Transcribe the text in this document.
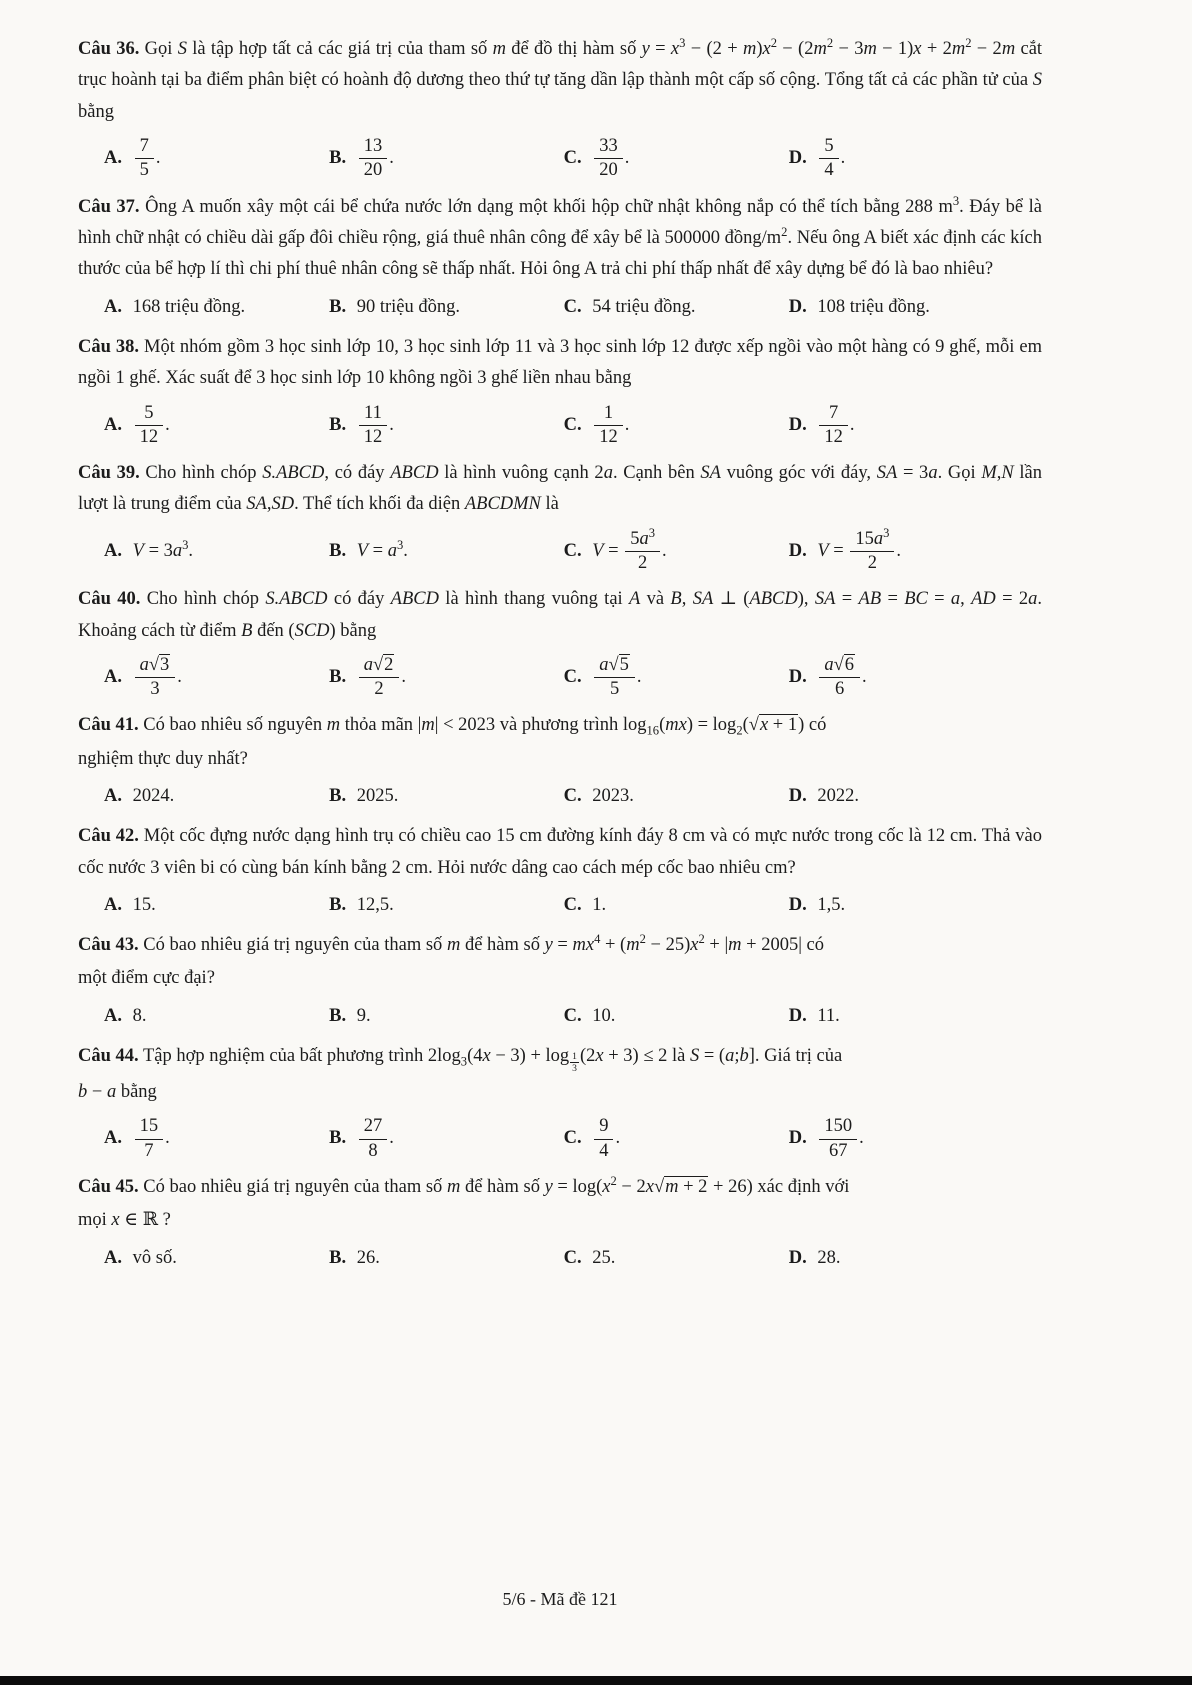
Câu 36. Gọi S là tập hợp tất cả các giá trị của tham số m để đồ thị hàm số $y = x^3 - (2 + m)x^2 - (2m^2 - 3m - 1)x + 2m^2 - 2m$ cắt trục hoành tại ba điểm phân biệt có hoành độ dương theo thứ tự tăng dần lập thành một cấp số cộng. Tổng tất cả các phần tử của S bằng

A. $\frac{7}{5}$ .	B. $\frac{13}{20}$ .	C. $\frac{33}{20}$ .	D. $\frac{5}{4}$ .

Câu 37. Ông A muốn xây một cái bể chứa nước lớn dạng một khối hộp chữ nhật không nắp có thể tích bằng 288 $m^3$. Đáy bể là hình chữ nhật có chiều dài gấp đôi chiều rộng, giá thuê nhân công để xây bể là 500000 đồng/$m^2$. Nếu ông A biết xác định các kích thước của bể hợp lí thì chi phí thuê nhân công sẽ thấp nhất. Hỏi ông A trả chi phí thấp nhất để xây dựng bể đó là bao nhiêu?

A. 168 triệu đồng.	B. 90 triệu đồng.	C. 54 triệu đồng.	D. 108 triệu đồng.

Câu 38. Một nhóm gồm 3 học sinh lớp 10, 3 học sinh lớp 11 và 3 học sinh lớp 12 được xếp ngồi vào một hàng có 9 ghế, mỗi em ngồi 1 ghế. Xác suất để 3 học sinh lớp 10 không ngồi 3 ghế liền nhau bằng

A. $\frac{5}{12}$ .	B. $\frac{11}{12}$ .	C. $\frac{1}{12}$ .	D. $\frac{7}{12}$ .

Câu 39. Cho hình chóp S.ABCD, có đáy ABCD là hình vuông cạnh 2a. Cạnh bên SA vuông góc với đáy, SA = 3a. Gọi M,N lần lượt là trung điểm của SA,SD. Thể tích khối đa diện ABCDMN là

A. $V = 3a^3$.	B. $V = a^3$.	C. $V = \frac{5a^3}{2}$ .	D. $V = \frac{15a^3}{2}$ .

Câu 40. Cho hình chóp S.ABCD có đáy ABCD là hình thang vuông tại A và B, SA ⊥ (ABCD), SA = AB = BC = a, AD = 2a. Khoảng cách từ điểm B đến (SCD) bằng

A. $\frac{a√3}{3}$ .	B. $\frac{a√2}{2}$ .	C. $\frac{a√5}{5}$ .	D. $\frac{a√6}{6}$ .

Câu 41. Có bao nhiêu số nguyên m thỏa mãn |m| < 2023 và phương trình $\log_{16}(mx) = \log_2(√x + 1)$ có

nghiệm thực duy nhất?

A. 2024.	B. 2025.	C. 2023.	D. 2022.

Câu 42. Một cốc đựng nước dạng hình trụ có chiều cao 15 cm đường kính đáy 8 cm và có mực nước trong cốc là 12 cm. Thả vào cốc nước 3 viên bi có cùng bán kính bằng 2 cm. Hỏi nước dâng cao cách mép cốc bao nhiêu cm?

A. 15.	B. 12,5.	C. 1.	D. 1,5.

Câu 43. Có bao nhiêu giá trị nguyên của tham số m để hàm số $y = mx^4 + (m^2 - 25)x^2 + |m + 2005|$ có

một điểm cực đại?

A. 8.	B. 9.	C. 10.	D. 11.

Câu 44. Tập hợp nghiệm của bất phương trình $2\log_3(4x - 3) + \log \frac{1}{3} (2x + 3) \le 2$ là S = (a;b]. Giá trị của

b − a bằng

A. $\frac{15}{7}$ .	B. $\frac{27}{8}$ .	C. $\frac{9}{4}$ .	D. $\frac{150}{67}$ .

Câu 45. Có bao nhiêu giá trị nguyên của tham số m để hàm số $y = \log(x^2 - 2x√m + 2 + 26)$ xác định với

mọi x ∈ ℝ ?

A. vô số.	B. 26.	C. 25.	D. 28.
5/6 - Mã đề 121
